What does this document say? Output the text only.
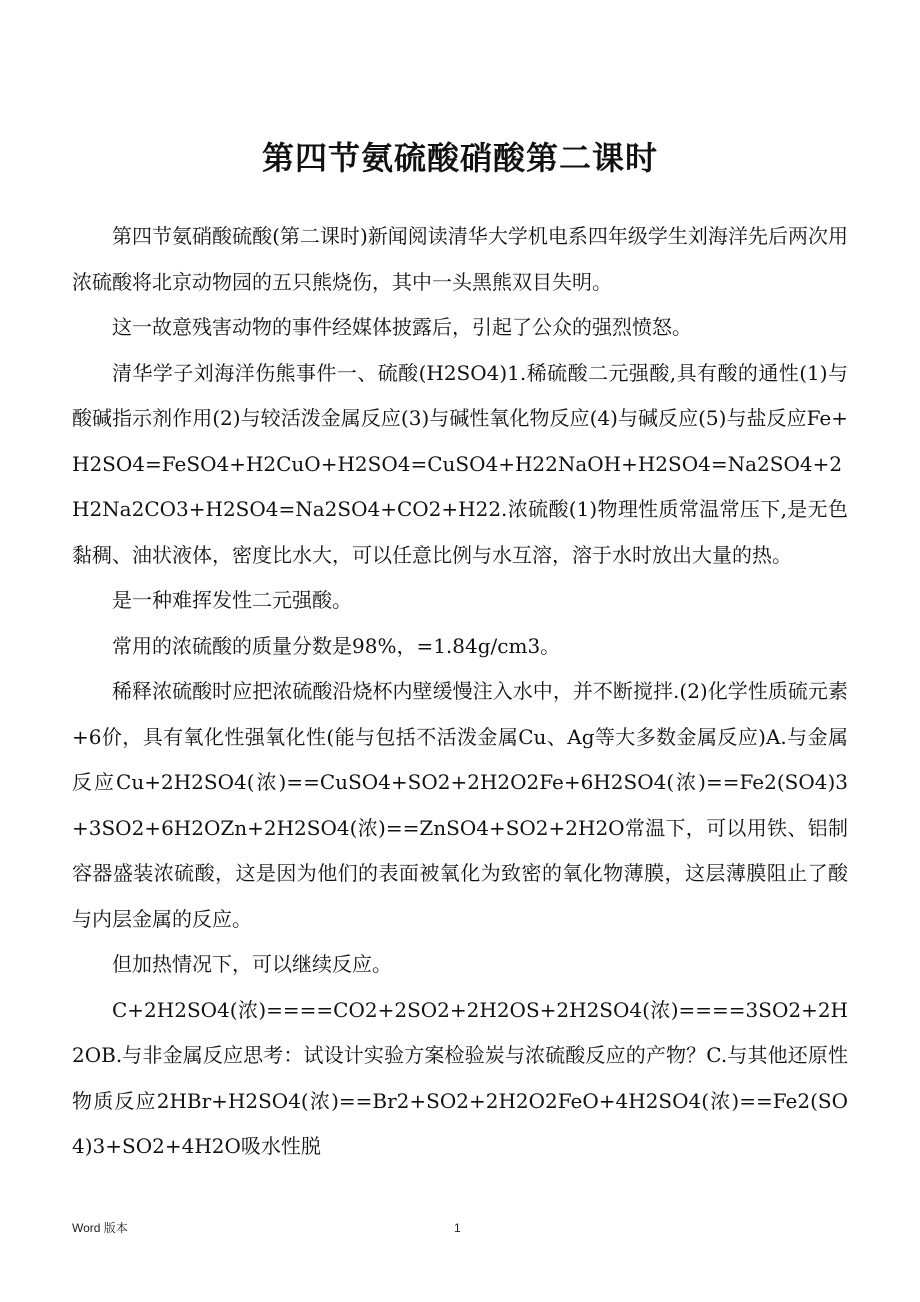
第四节氨硫酸硝酸第二课时

第四节氨硝酸硫酸(第二课时)新闻阅读清华大学机电系四年级学生刘海洋先后两次用浓硫酸将北京动物园的五只熊烧伤，其中一头黑熊双目失明。

这一故意残害动物的事件经媒体披露后，引起了公众的强烈愤怒。

清华学子刘海洋伤熊事件一、硫酸(H2SO4)1.稀硫酸二元强酸,具有酸的通性(1)与酸碱指示剂作用(2)与较活泼金属反应(3)与碱性氧化物反应(4)与碱反应(5)与盐反应Fe+H2SO4=FeSO4+H2CuO+H2SO4=CuSO4+H22NaOH+H2SO4=Na2SO4+2H2Na2CO3+H2SO4=Na2SO4+CO2+H22.浓硫酸(1)物理性质常温常压下,是无色黏稠、油状液体，密度比水大，可以任意比例与水互溶，溶于水时放出大量的热。

是一种难挥发性二元强酸。

常用的浓硫酸的质量分数是98%，=1.84g/cm3。

稀释浓硫酸时应把浓硫酸沿烧杯内壁缓慢注入水中，并不断搅拌.(2)化学性质硫元素+6价，具有氧化性强氧化性(能与包括不活泼金属Cu、Ag等大多数金属反应)A.与金属反应Cu+2H2SO4(浓)==CuSO4+SO2+2H2O2Fe+6H2SO4(浓)==Fe2(SO4)3+3SO2+6H2OZn+2H2SO4(浓)==ZnSO4+SO2+2H2O常温下，可以用铁、铝制容器盛装浓硫酸，这是因为他们的表面被氧化为致密的氧化物薄膜，这层薄膜阻止了酸与内层金属的反应。

但加热情况下，可以继续反应。

C+2H2SO4(浓)====CO2+2SO2+2H2OS+2H2SO4(浓)====3SO2+2H2OB.与非金属反应思考：试设计实验方案检验炭与浓硫酸反应的产物？C.与其他还原性物质反应2HBr+H2SO4(浓)==Br2+SO2+2H2O2FeO+4H2SO4(浓)==Fe2(SO4)3+SO2+4H2O吸水性脱

Word 版本	1
